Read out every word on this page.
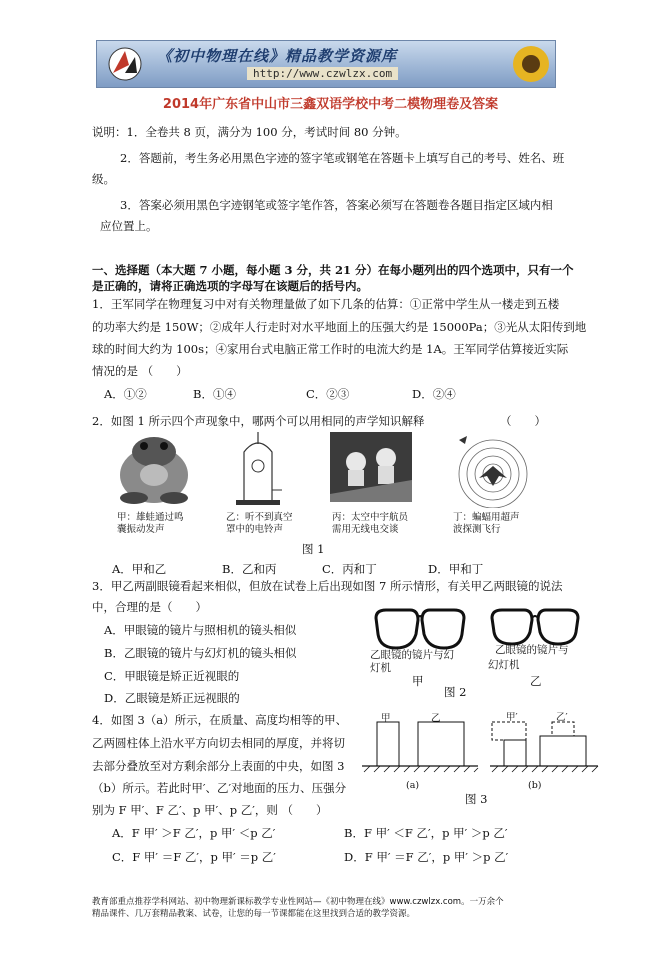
《初中物理在线》精品教学资源库
http://www.czwlzx.com
2014年广东省中山市三鑫双语学校中考二模物理卷及答案
说明：1．全卷共 8 页，满分为 100 分，考试时间 80 分钟。
2．答题前，考生务必用黑色字迹的签字笔或钢笔在答题卡上填写自己的考号、姓名、班
级。
3．答案必须用黑色字迹钢笔或签字笔作答，答案必须写在答题卷各题目指定区域内相
应位置上。
一、选择题（本大题 7 小题，每小题 3 分，共 21 分）在每小题列出的四个选项中，只有一个
是正确的，请将正确选项的字母写在该题后的括号内。
1．王军同学在物理复习中对有关物理量做了如下几条的估算：①正常中学生从一楼走到五楼
的功率大约是 150W；②成年人行走时对水平地面上的压强大约是 15000Pa；③光从太阳传到地
球的时间大约为 100s；④家用台式电脑正常工作时的电流大约是 1A。王军同学估算接近实际
情况的是 （　　）
A．①②	B．①④	C．②③	D．②④
2．如图 1 所示四个声现象中，哪两个可以用相同的声学知识解释	（　　）
甲：雄蛙通过鸣
囊振动发声
乙：听不到真空
罩中的电铃声
丙：太空中宇航员
需用无线电交谈
丁：蝙蝠用超声
波探测飞行
图 1
A．甲和乙	B．乙和丙	C．丙和丁	D．甲和丁
3．甲乙两副眼镜看起来相似，但放在试卷上后出现如图 7 所示情形，有关甲乙两眼镜的说法
中，合理的是（　　）
A．甲眼镜的镜片与照相机的镜头相似
B．乙眼镜的镜片与幻灯机的镜头相似
C．甲眼镜是矫正近视眼的
D．乙眼镜是矫正远视眼的
乙眼镜的镜片与幻
灯机
乙眼镜的镜片与
幻灯机
甲	乙
图 2
4．如图 3（a）所示，在质量、高度均相等的甲、
乙两圆柱体上沿水平方向切去相同的厚度，并将切
去部分叠放至对方剩余部分上表面的中央，如图 3
（b）所示。若此时甲′、乙′对地面的压力、压强分
别为 F 甲′、F 乙′、p 甲′、p 乙′，则 （　　）
甲	乙
(a)
甲′	乙′
(b)
图 3
A．F 甲′ ＞F 乙′，p 甲′ ＜p 乙′	B．F 甲′ ＜F 乙′，p 甲′ ＞p 乙′
C．F 甲′ ＝F 乙′，p 甲′ ＝p 乙′	D．F 甲′ ＝F 乙′，p 甲′ ＞p 乙′
教育部重点推荐学科网站、初中物理新课标教学专业性网站—《初中物理在线》www.czwlzx.com。一万余个
精品课件、几万套精品教案、试卷，让您的每一节课都能在这里找到合适的教学资源。
